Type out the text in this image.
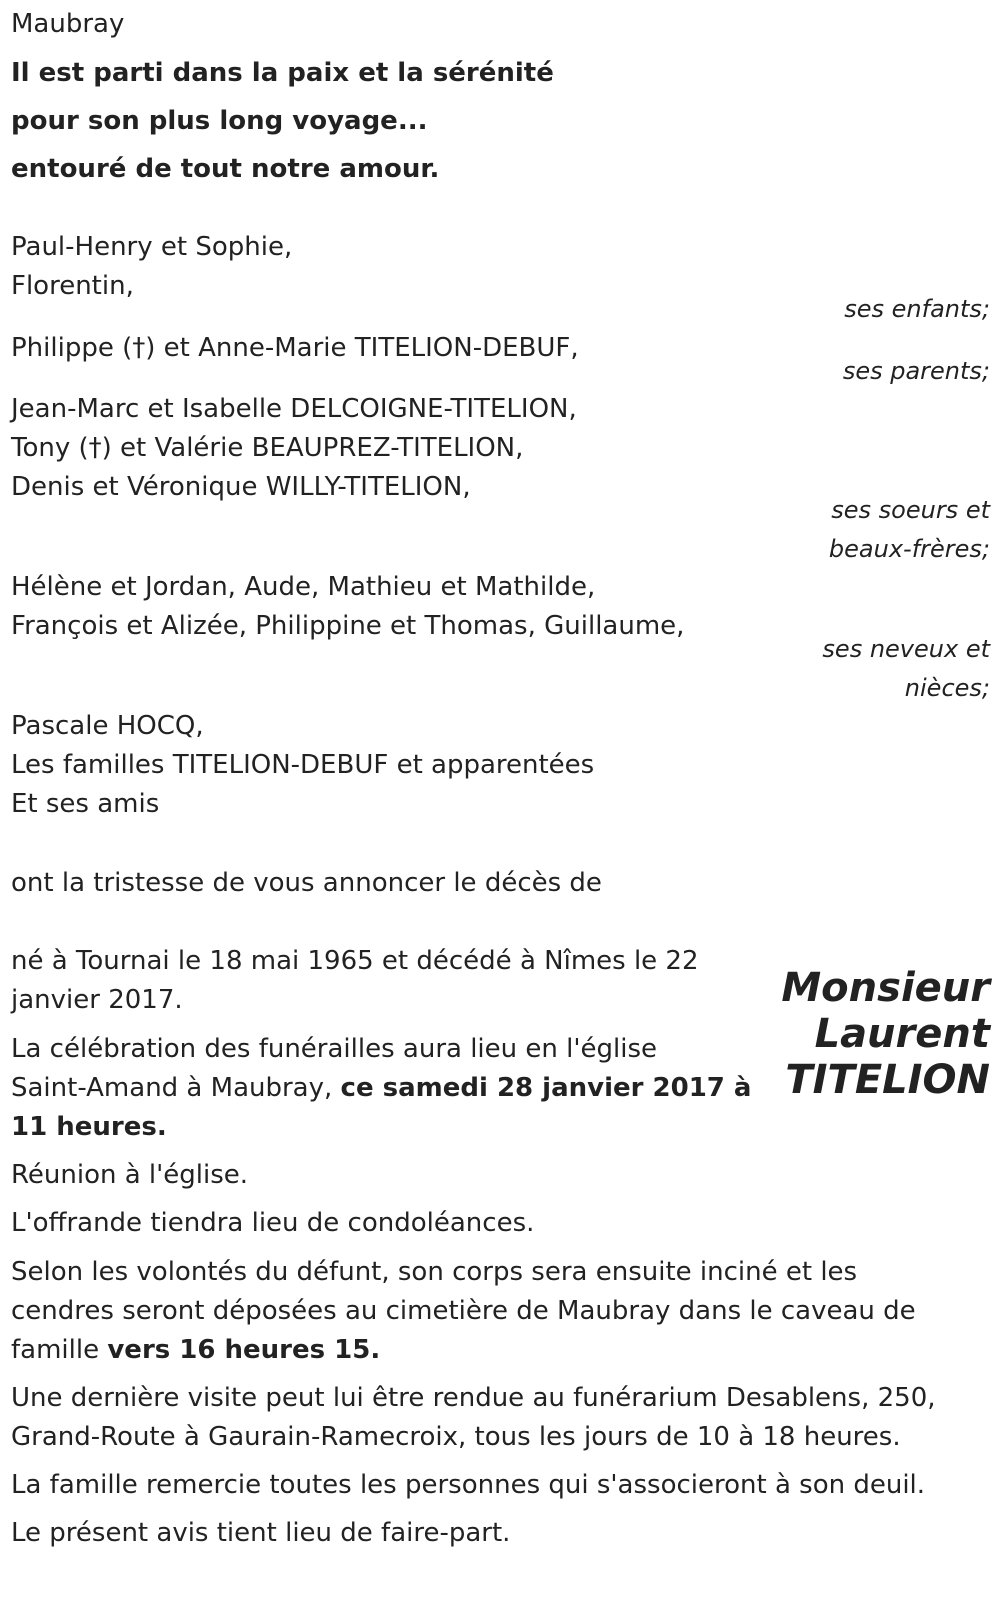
Maubray
Il est parti dans la paix et la sérénité
pour son plus long voyage...
entouré de tout notre amour.
Paul-Henry et Sophie,
Florentin,
ses enfants;
Philippe (†) et Anne-Marie TITELION-DEBUF,
ses parents;
Jean-Marc et Isabelle DELCOIGNE-TITELION,
Tony (†) et Valérie BEAUPREZ-TITELION,
Denis et Véronique WILLY-TITELION,
ses soeurs et
beaux-frères;
Hélène et Jordan, Aude, Mathieu et Mathilde,
François et Alizée, Philippine et Thomas, Guillaume,
ses neveux et
nièces;
Pascale HOCQ,
Les familles TITELION-DEBUF et apparentées
Et ses amis
ont la tristesse de vous annoncer le décès de
Monsieur
Laurent
TITELION
né à Tournai le 18 mai 1965 et décédé à Nîmes le 22
janvier 2017.
La célébration des funérailles aura lieu en l'église
Saint-Amand à Maubray, ce samedi 28 janvier 2017 à
11 heures.
Réunion à l'église.
L'offrande tiendra lieu de condoléances.
Selon les volontés du défunt, son corps sera ensuite inciné et les
cendres seront déposées au cimetière de Maubray dans le caveau de
famille vers 16 heures 15.
Une dernière visite peut lui être rendue au funérarium Desablens, 250,
Grand-Route à Gaurain-Ramecroix, tous les jours de 10 à 18 heures.
La famille remercie toutes les personnes qui s'associeront à son deuil.
Le présent avis tient lieu de faire-part.
